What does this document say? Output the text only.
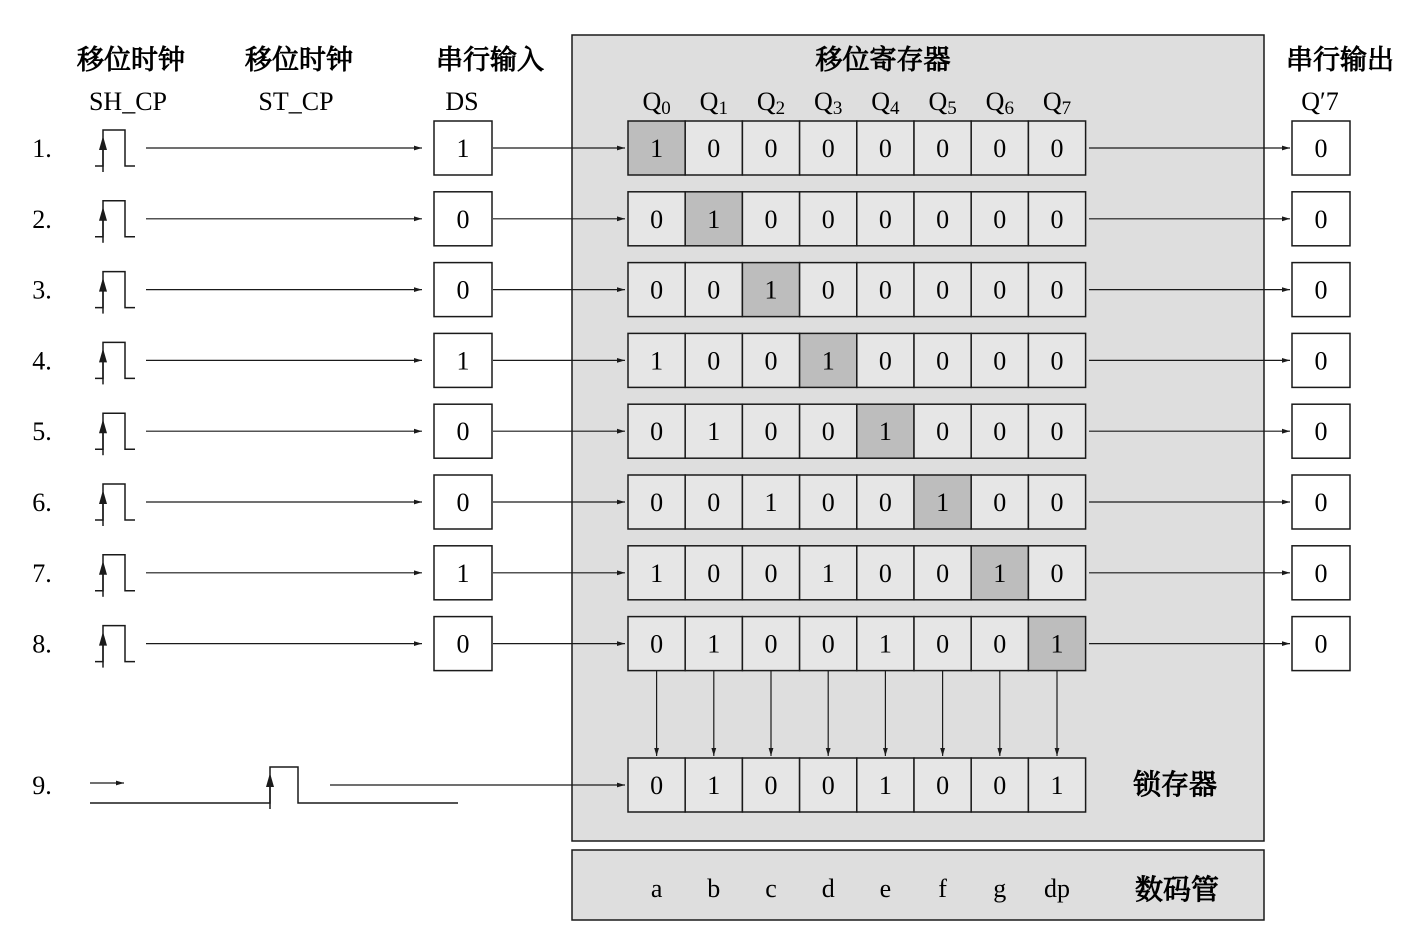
移位时钟
SH_CP
移位时钟
ST_CP
串行输入
DS
移位寄存器	串行输出
Q′7
Q0 Q1 Q2 Q3 Q4 Q5 Q6 Q7
1.	1	1 0 0 0 0 0 0 0	0
2.	0	0 1 0 0 0 0 0 0	0
3.	0	0 0 1 0 0 0 0 0	0
4.	1	1 0 0 1 0 0 0 0	0
5.	0	0 1 0 0 1 0 0 0	0
6.	0	0 0 1 0 0 1 0 0	0
7.	1	1 0 0 1 0 0 1 0	0
8.	0	0 1 0 0 1 0 0 1	0
9.	0 1 0 0 1 0 0 1
a b c d e f g dp
锁存器
数码管
